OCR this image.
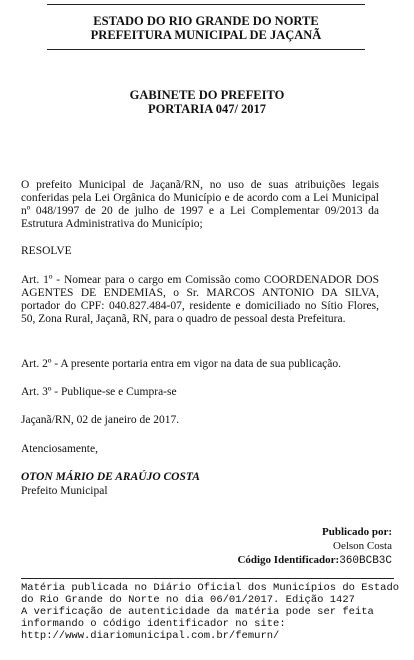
ESTADO DO RIO GRANDE DO NORTE
PREFEITURA MUNICIPAL DE JAÇANÃ
GABINETE DO PREFEITO
PORTARIA 047/ 2017
O prefeito Municipal de Jaçanã/RN, no uso de suas atribuições legais conferidas pela Lei Orgânica do Município e de acordo com a Lei Municipal nº 048/1997 de 20 de julho de 1997 e a Lei Complementar 09/2013 da Estrutura Administrativa do Município;
RESOLVE
Art. 1º - Nomear para o cargo em Comissão como COORDENADOR DOS AGENTES DE ENDEMIAS, o Sr. MARCOS ANTONIO DA SILVA, portador do CPF: 040.827.484-07, residente e domiciliado no Sítio Flores, 50, Zona Rural, Jaçanã, RN, para o quadro de pessoal desta Prefeitura.
Art. 2º - A presente portaria entra em vigor na data de sua publicação.
Art. 3º - Publique-se e Cumpra-se
Jaçanã/RN, 02 de janeiro de 2017.
Atenciosamente,
OTON MÁRIO DE ARAÚJO COSTA
Prefeito Municipal
Publicado por:
Oelson Costa
Código Identificador:360BCB3C
Matéria publicada no Diário Oficial dos Municípios do Estado
do Rio Grande do Norte no dia 06/01/2017. Edição 1427
A verificação de autenticidade da matéria pode ser feita
informando o código identificador no site:
http://www.diariomunicipal.com.br/femurn/
